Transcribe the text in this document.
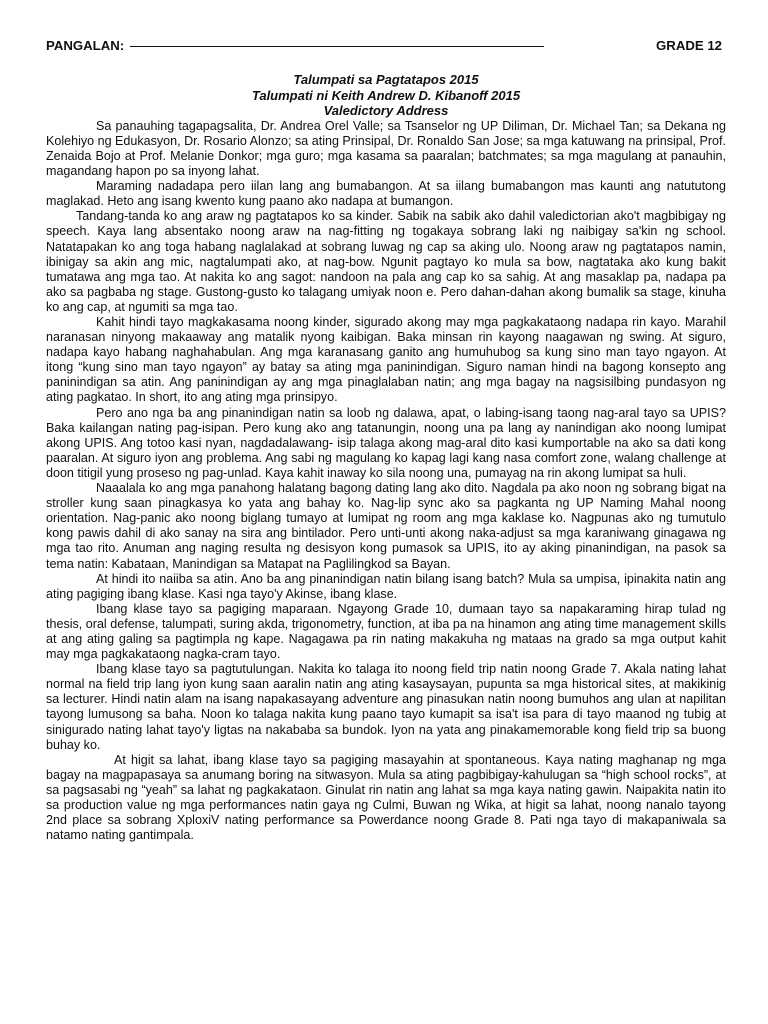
PANGALAN:	GRADE 12
Talumpati sa Pagtatapos 2015
Talumpati ni Keith Andrew D. Kibanoff 2015
Valedictory Address

Sa panauhing tagapagsalita, Dr. Andrea Orel Valle; sa Tsanselor ng UP Diliman, Dr. Michael Tan; sa Dekana ng Kolehiyo ng Edukasyon, Dr. Rosario Alonzo; sa ating Prinsipal, Dr. Ronaldo San Jose; sa mga katuwang na prinsipal, Prof. Zenaida Bojo at Prof. Melanie Donkor; mga guro; mga kasama sa paaralan; batchmates; sa mga magulang at panauhin, magandang hapon po sa inyong lahat.

Maraming nadadapa pero iilan lang ang bumabangon. At sa iilang bumabangon mas kaunti ang natututong maglakad. Heto ang isang kwento kung paano ako nadapa at bumangon.

Tandang-tanda ko ang araw ng pagtatapos ko sa kinder. Sabik na sabik ako dahil valedictorian ako't magbibigay ng speech. Kaya lang absentako noong araw na nag-fitting ng togakaya sobrang laki ng naibigay sa'kin ng school. Natatapakan ko ang toga habang naglalakad at sobrang luwag ng cap sa aking ulo. Noong araw ng pagtatapos namin, ibinigay sa akin ang mic, nagtalumpati ako, at nag-bow. Ngunit pagtayo ko mula sa bow, nagtataka ako kung bakit tumatawa ang mga tao. At nakita ko ang sagot: nandoon na pala ang cap ko sa sahig. At ang masaklap pa, nadapa pa ako sa pagbaba ng stage. Gustong-gusto ko talagang umiyak noon e. Pero dahan-dahan akong bumalik sa stage, kinuha ko ang cap, at ngumiti sa mga tao.

Kahit hindi tayo magkakasama noong kinder, sigurado akong may mga pagkakataong nadapa rin kayo. Marahil naranasan ninyong makaaway ang matalik nyong kaibigan. Baka minsan rin kayong naagawan ng swing. At siguro, nadapa kayo habang naghahabulan. Ang mga karanasang ganito ang humuhubog sa kung sino man tayo ngayon. At itong “kung sino man tayo ngayon” ay batay sa ating mga paninindigan. Siguro naman hindi na bagong konsepto ang paninindigan sa atin. Ang paninindigan ay ang mga pinaglalaban natin; ang mga bagay na nagsisilbing pundasyon ng ating pagkatao. In short, ito ang ating mga prinsipyo.

Pero ano nga ba ang pinanindigan natin sa loob ng dalawa, apat, o labing-isang taong nag-aral tayo sa UPIS? Baka kailangan nating pag-isipan. Pero kung ako ang tatanungin, noong una pa lang ay nanindigan ako noong lumipat akong UPIS. Ang totoo kasi nyan, nagdadalawang- isip talaga akong mag-aral dito kasi kumportable na ako sa dati kong paaralan. At siguro iyon ang problema. Ang sabi ng magulang ko kapag lagi kang nasa comfort zone, walang challenge at doon titigil yung proseso ng pag-unlad. Kaya kahit inaway ko sila noong una, pumayag na rin akong lumipat sa huli.

Naaalala ko ang mga panahong halatang bagong dating lang ako dito. Nagdala pa ako noon ng sobrang bigat na stroller kung saan pinagkasya ko yata ang bahay ko. Nag-lip sync ako sa pagkanta ng UP Naming Mahal noong orientation. Nag-panic ako noong biglang tumayo at lumipat ng room ang mga kaklase ko. Nagpunas ako ng tumutulo kong pawis dahil di ako sanay na sira ang bintilador. Pero unti-unti akong naka-adjust sa mga karaniwang ginagawa ng mga tao rito. Anuman ang naging resulta ng desisyon kong pumasok sa UPIS, ito ay aking pinanindigan, na pasok sa tema natin: Kabataan, Manindigan sa Matapat na Paglilingkod sa Bayan.

At hindi ito naiiba sa atin. Ano ba ang pinanindigan natin bilang isang batch? Mula sa umpisa, ipinakita natin ang ating pagiging ibang klase. Kasi nga tayo'y Akinse, ibang klase.

Ibang klase tayo sa pagiging maparaan. Ngayong Grade 10, dumaan tayo sa napakaraming hirap tulad ng thesis, oral defense, talumpati, suring akda, trigonometry, function, at iba pa na hinamon ang ating time management skills at ang ating galing sa pagtimpla ng kape. Nagagawa pa rin nating makakuha ng mataas na grado sa mga output kahit may mga pagkakataong nagka-cram tayo.

Ibang klase tayo sa pagtutulungan. Nakita ko talaga ito noong field trip natin noong Grade 7. Akala nating lahat normal na field trip lang iyon kung saan aaralin natin ang ating kasaysayan, pupunta sa mga historical sites, at makikinig sa lecturer. Hindi natin alam na isang napakasayang adventure ang pinasukan natin noong bumuhos ang ulan at napilitan tayong lumusong sa baha. Noon ko talaga nakita kung paano tayo kumapit sa isa't isa para di tayo maanod ng tubig at sinigurado nating lahat tayo'y ligtas na nakababa sa bundok. Iyon na yata ang pinakamemorable kong field trip sa buong buhay ko.

At higit sa lahat, ibang klase tayo sa pagiging masayahin at spontaneous. Kaya nating maghanap ng mga bagay na magpapasaya sa anumang boring na sitwasyon. Mula sa ating pagbibigay-kahulugan sa “high school rocks”, at sa pagsasabi ng “yeah” sa lahat ng pagkakataon. Ginulat rin natin ang lahat sa mga kaya nating gawin. Naipakita natin ito sa production value ng mga performances natin gaya ng Culmi, Buwan ng Wika, at higit sa lahat, noong nanalo tayong 2nd place sa sobrang XploxiV nating performance sa Powerdance noong Grade 8. Pati nga tayo di makapaniwala sa natamo nating gantimpala.
